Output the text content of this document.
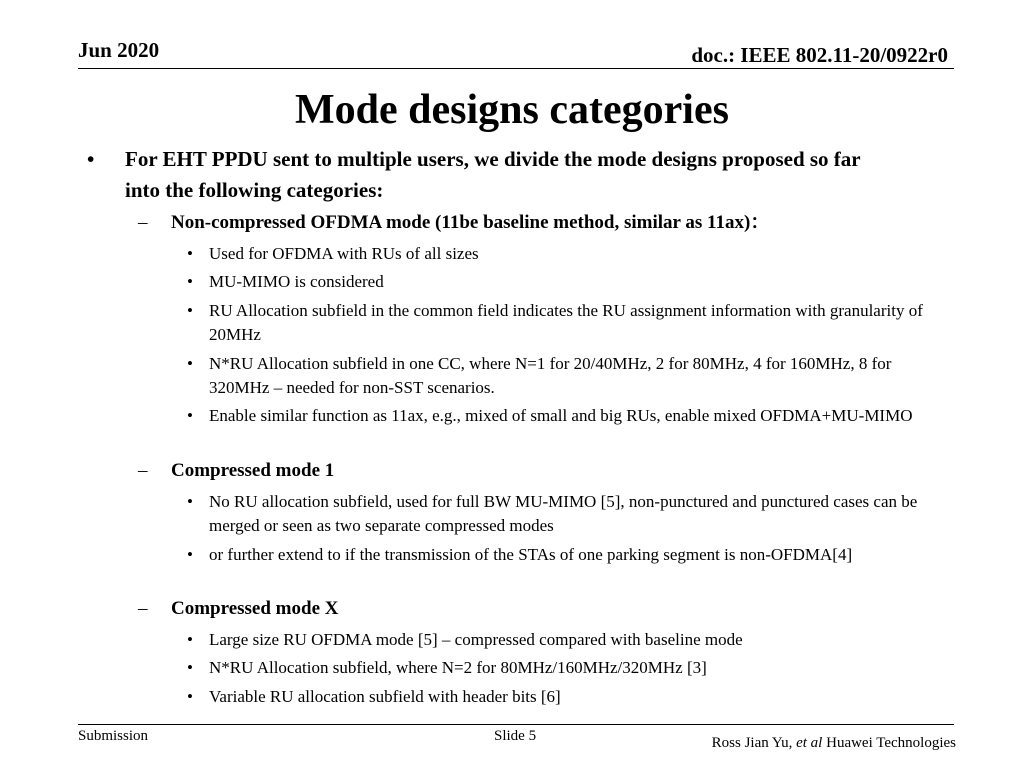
Jun 2020	doc.: IEEE 802.11-20/0922r0
Mode designs categories
• For EHT PPDU sent to multiple users, we divide the mode designs proposed so far into the following categories:
– Non-compressed OFDMA mode (11be baseline method, similar as 11ax)：
• Used for OFDMA with RUs of all sizes
• MU-MIMO is considered
• RU Allocation subfield in the common field indicates the RU assignment information with granularity of 20MHz
• N*RU Allocation subfield in one CC, where N=1 for 20/40MHz, 2 for 80MHz, 4 for 160MHz, 8 for 320MHz – needed for non-SST scenarios.
• Enable similar function as 11ax, e.g., mixed of small and big RUs, enable mixed OFDMA+MU-MIMO
– Compressed mode 1
• No RU allocation subfield, used for full BW MU-MIMO [5], non-punctured and punctured cases can be merged or seen as two separate compressed modes
• or further extend to if the transmission of the STAs of one parking segment is non-OFDMA[4]
– Compressed mode X
• Large size RU OFDMA mode [5] – compressed compared with baseline mode
• N*RU Allocation subfield, where N=2 for 80MHz/160MHz/320MHz [3]
• Variable RU allocation subfield with header bits [6]
Submission	Slide 5	Ross Jian Yu, et al Huawei Technologies
